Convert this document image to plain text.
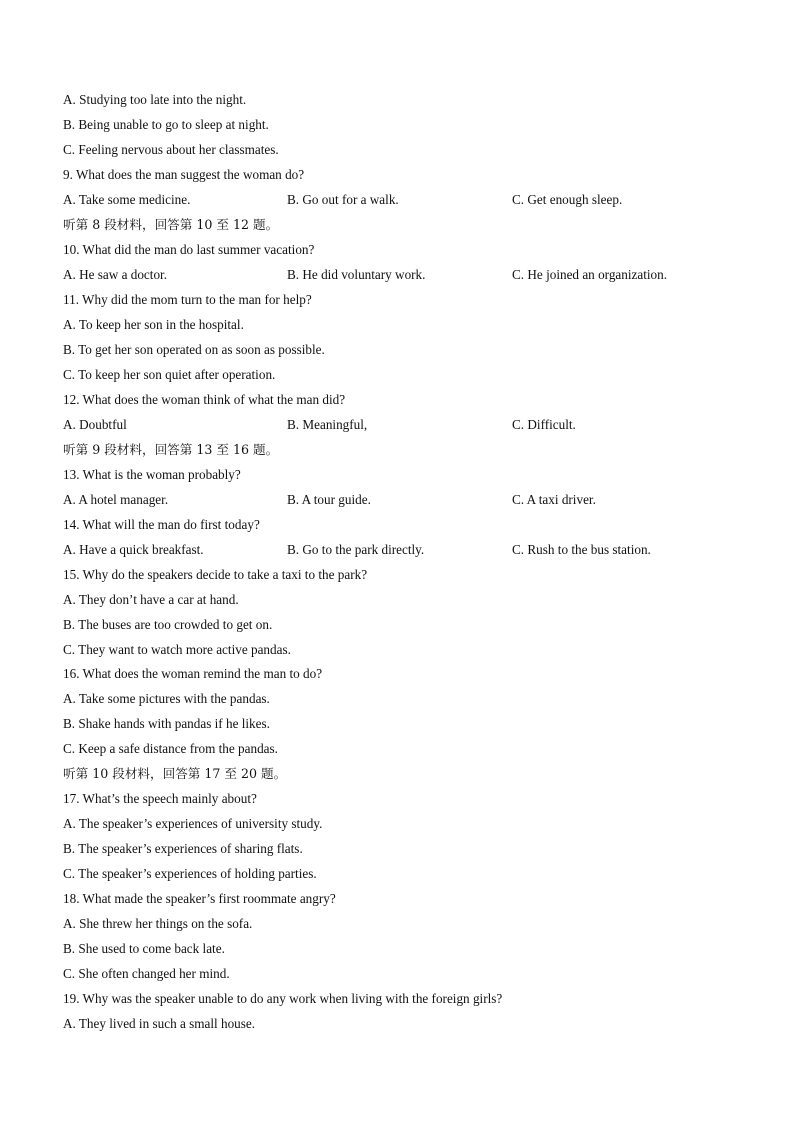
A. Studying too late into the night.
B. Being unable to go to sleep at night.
C. Feeling nervous about her classmates.
9. What does the man suggest the woman do?
A. Take some medicine.	B. Go out for a walk.	C. Get enough sleep.
听第 8 段材料，回答第 10 至 12 题。
10. What did the man do last summer vacation?
A. He saw a doctor.	B. He did voluntary work.	C. He joined an organization.
11. Why did the mom turn to the man for help?
A. To keep her son in the hospital.
B. To get her son operated on as soon as possible.
C. To keep her son quiet after operation.
12. What does the woman think of what the man did?
A. Doubtful	B. Meaningful,	C. Difficult.
听第 9 段材料，回答第 13 至 16 题。
13. What is the woman probably?
A. A hotel manager.	B. A tour guide.	C. A taxi driver.
14. What will the man do first today?
A. Have a quick breakfast.	B. Go to the park directly.	C. Rush to the bus station.
15. Why do the speakers decide to take a taxi to the park?
A. They don’t have a car at hand.
B. The buses are too crowded to get on.
C. They want to watch more active pandas.
16. What does the woman remind the man to do?
A. Take some pictures with the pandas.
B. Shake hands with pandas if he likes.
C. Keep a safe distance from the pandas.
听第 10 段材料，回答第 17 至 20 题。
17. What’s the speech mainly about?
A. The speaker’s experiences of university study.
B. The speaker’s experiences of sharing flats.
C. The speaker’s experiences of holding parties.
18. What made the speaker’s first roommate angry?
A. She threw her things on the sofa.
B. She used to come back late.
C. She often changed her mind.
19. Why was the speaker unable to do any work when living with the foreign girls?
A. They lived in such a small house.
